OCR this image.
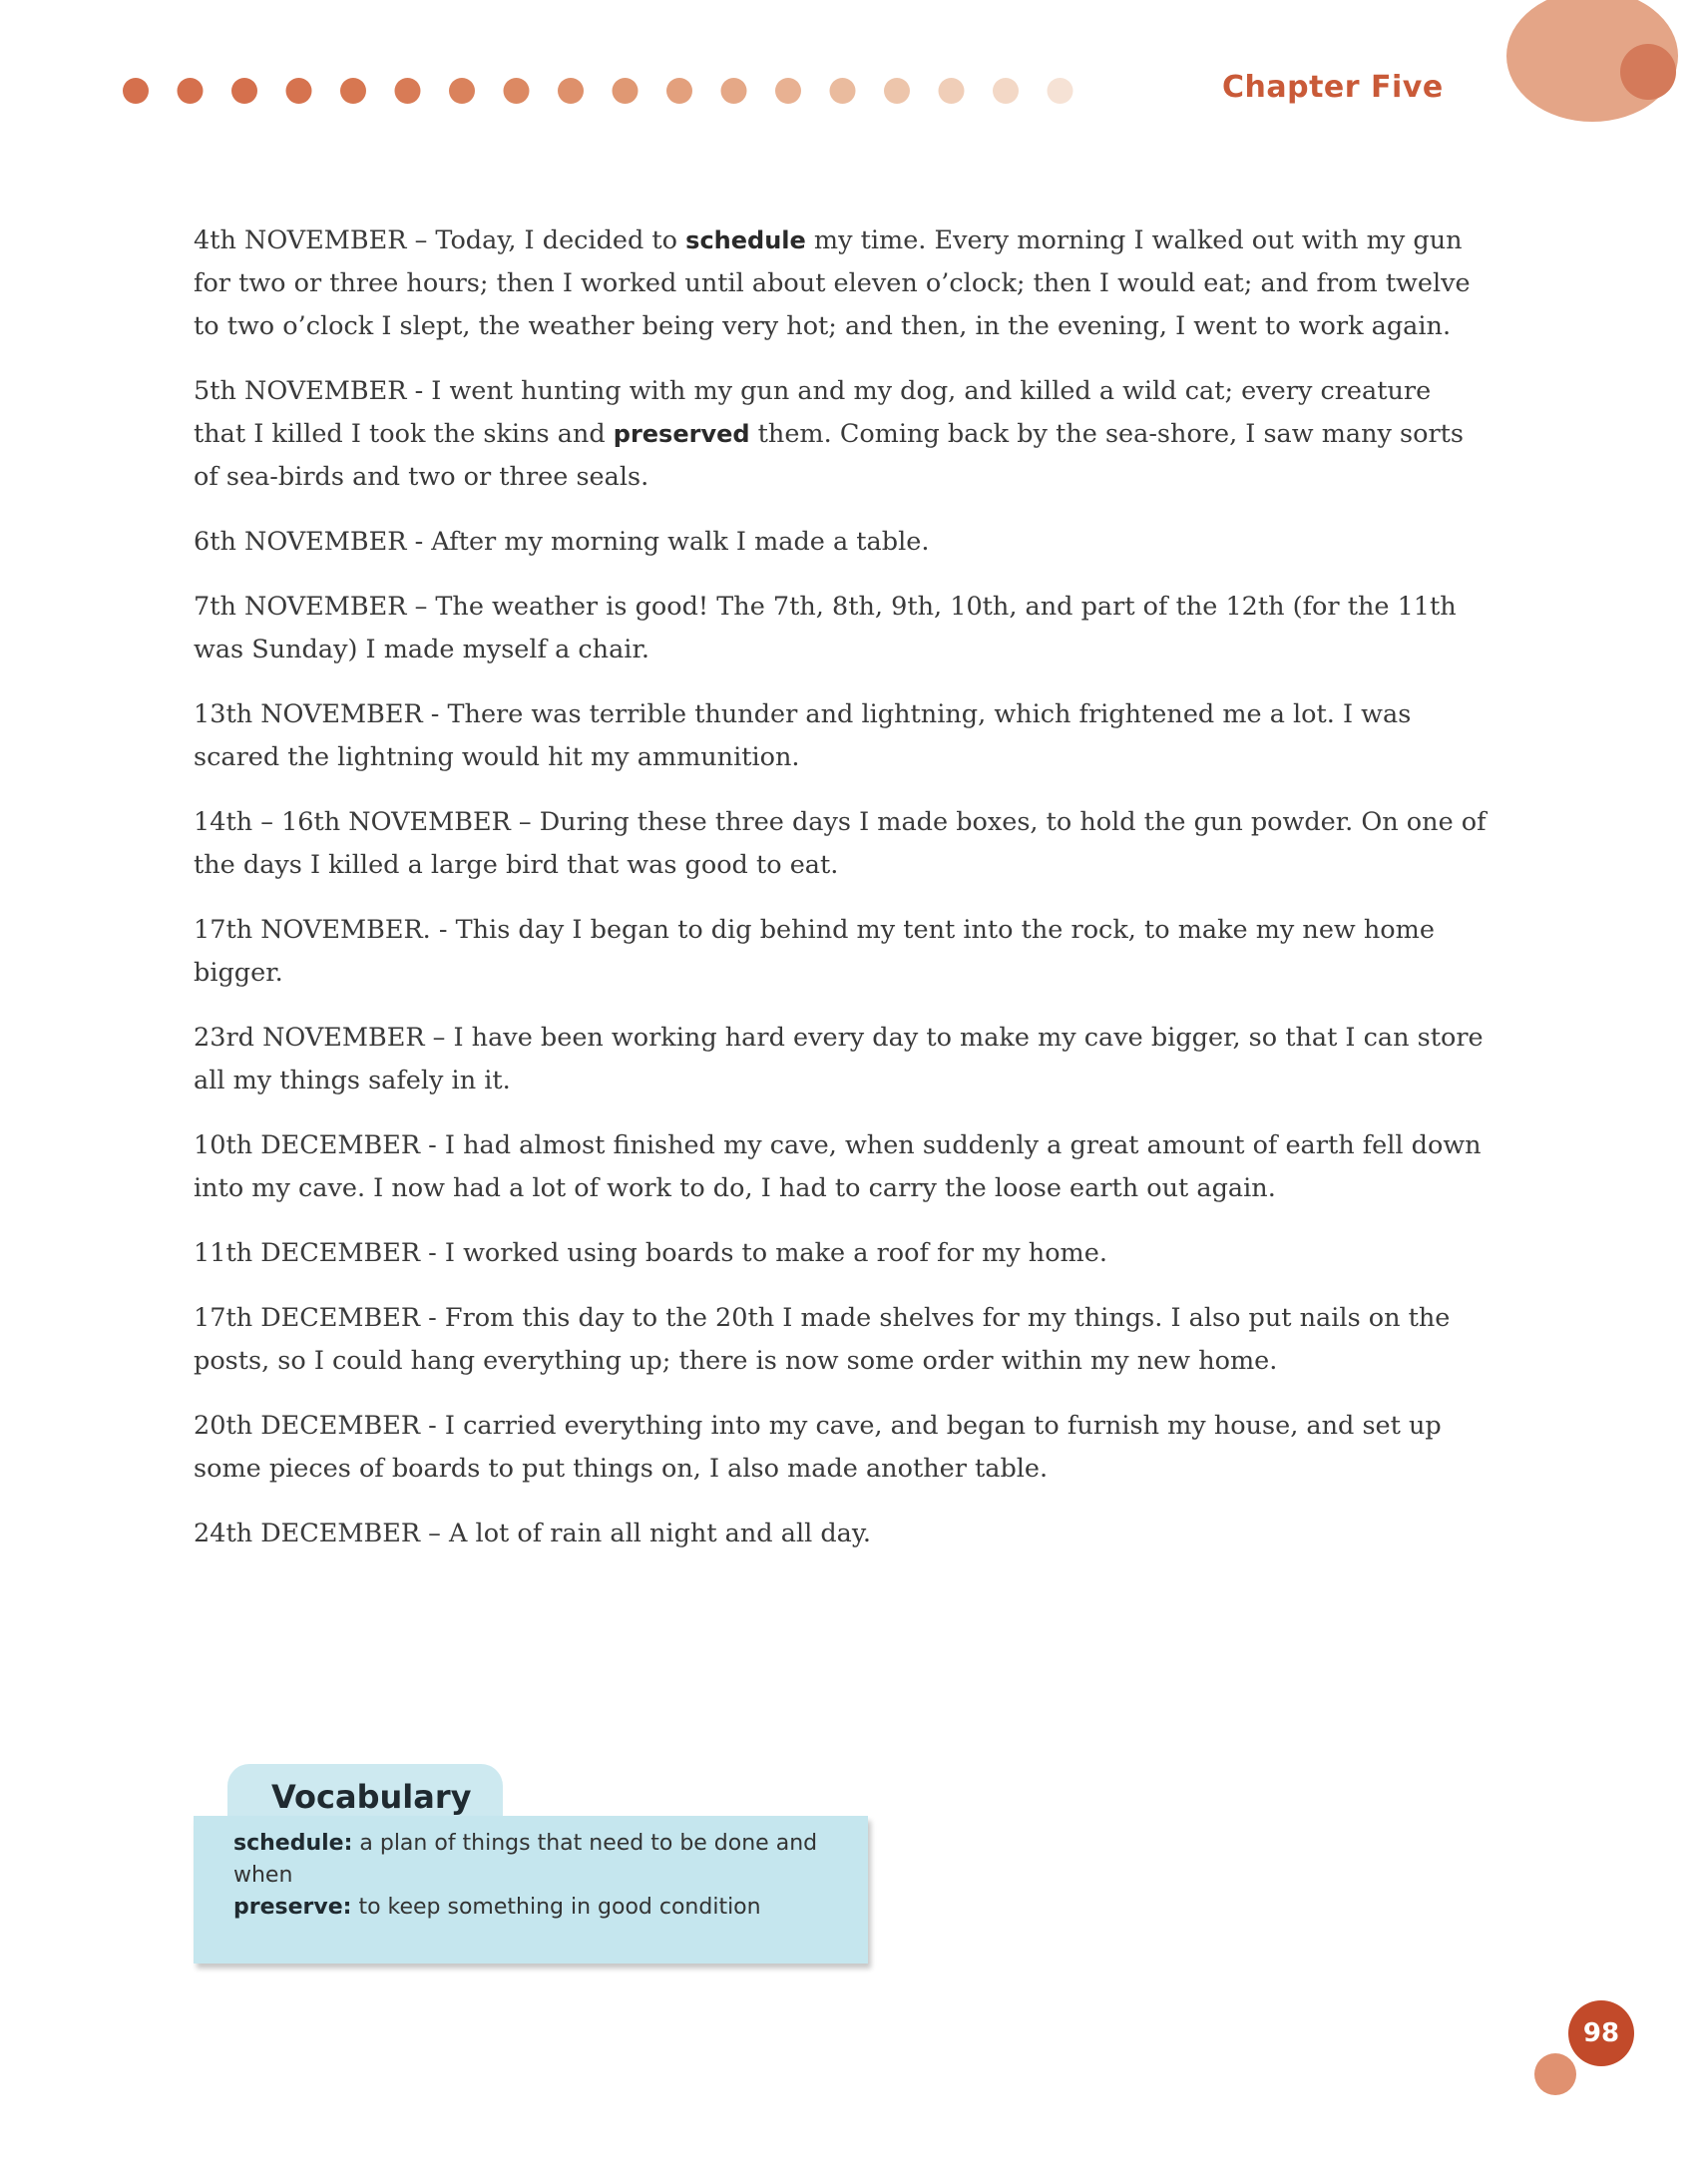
Chapter Five

4th NOVEMBER – Today, I decided to schedule my time. Every morning I walked out with my gun for two or three hours; then I worked until about eleven o’clock; then I would eat; and from twelve to two o’clock I slept, the weather being very hot; and then, in the evening, I went to work again.

5th NOVEMBER - I went hunting with my gun and my dog, and killed a wild cat; every creature that I killed I took the skins and preserved them. Coming back by the sea-shore, I saw many sorts of sea-birds and two or three seals.

6th NOVEMBER - After my morning walk I made a table.

7th NOVEMBER – The weather is good! The 7th, 8th, 9th, 10th, and part of the 12th (for the 11th was Sunday) I made myself a chair.

13th NOVEMBER - There was terrible thunder and lightning, which frightened me a lot. I was scared the lightning would hit my ammunition.

14th – 16th NOVEMBER – During these three days I made boxes, to hold the gun powder. On one of the days I killed a large bird that was good to eat.

17th NOVEMBER. - This day I began to dig behind my tent into the rock, to make my new home bigger.

23rd NOVEMBER – I have been working hard every day to make my cave bigger, so that I can store all my things safely in it.

10th DECEMBER - I had almost finished my cave, when suddenly a great amount of earth fell down into my cave. I now had a lot of work to do, I had to carry the loose earth out again.

11th DECEMBER - I worked using boards to make a roof for my home.

17th DECEMBER - From this day to the 20th I made shelves for my things. I also put nails on the posts, so I could hang everything up; there is now some order within my new home.

20th DECEMBER - I carried everything into my cave, and began to furnish my house, and set up some pieces of boards to put things on, I also made another table.

24th DECEMBER – A lot of rain all night and all day.

Vocabulary
schedule: a plan of things that need to be done and when
preserve: to keep something in good condition
98
